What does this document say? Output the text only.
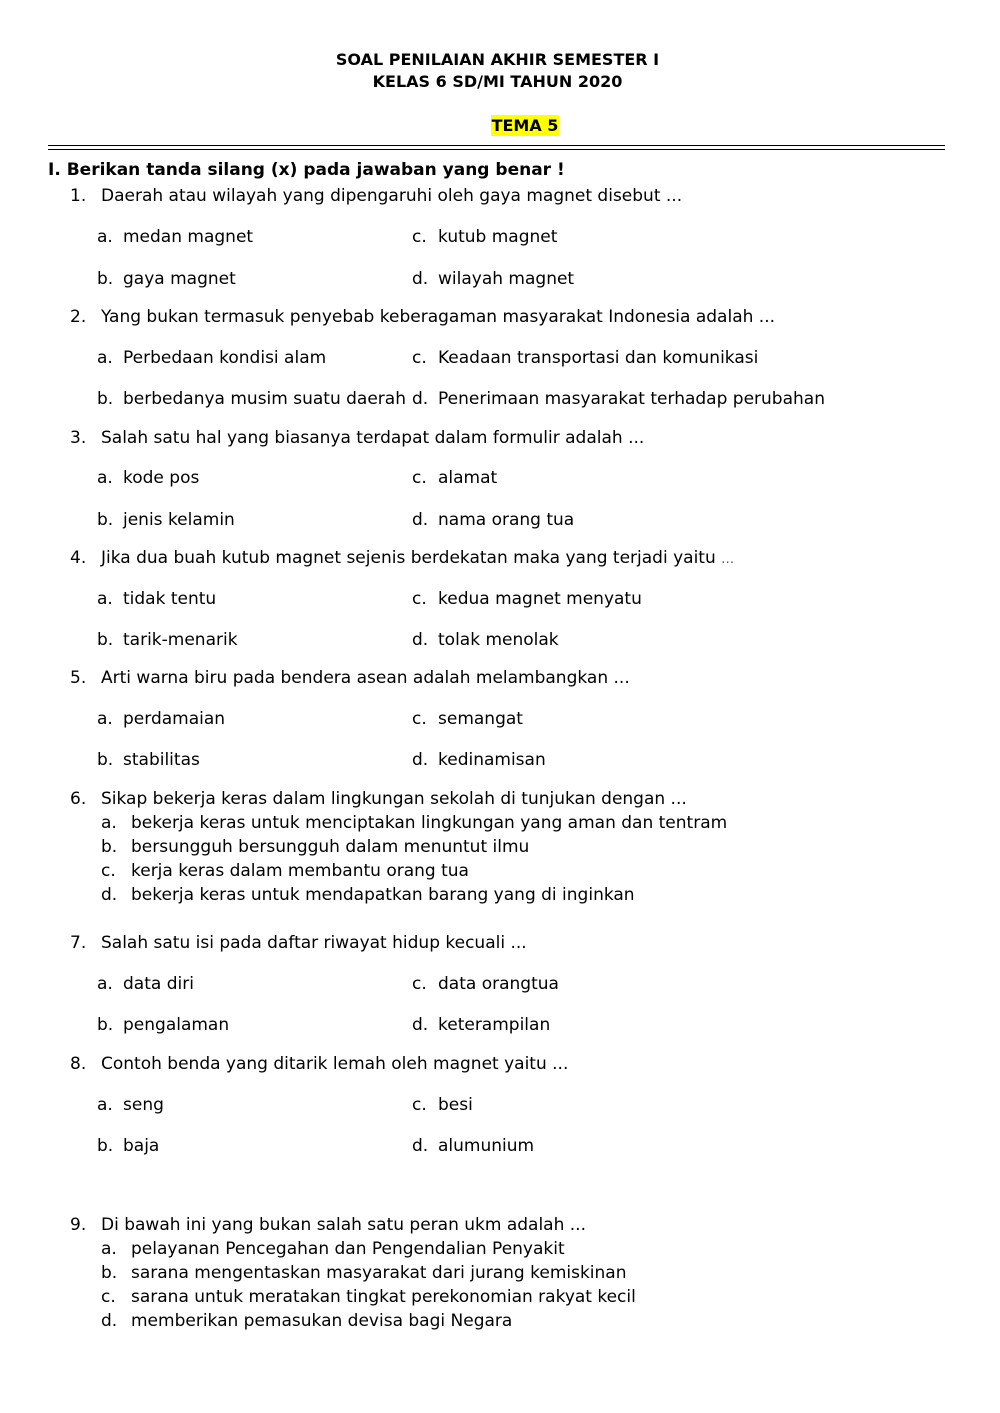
SOAL PENILAIAN AKHIR SEMESTER I
KELAS 6 SD/MI TAHUN 2020
TEMA 5
I. Berikan tanda silang (x) pada jawaban yang benar !
1. Daerah atau wilayah yang dipengaruhi oleh gaya magnet disebut ...
a. medan magnet	c. kutub magnet
b. gaya magnet	d. wilayah magnet
2. Yang bukan termasuk penyebab keberagaman masyarakat Indonesia adalah ...
a. Perbedaan kondisi alam	c. Keadaan transportasi dan komunikasi
b. berbedanya musim suatu daerah d. Penerimaan masyarakat terhadap perubahan
3. Salah satu hal yang biasanya terdapat dalam formulir adalah ...
a. kode pos	c. alamat
b. jenis kelamin	d. nama orang tua
4. Jika dua buah kutub magnet sejenis berdekatan maka yang terjadi yaitu …
a. tidak tentu	c. kedua magnet menyatu
b. tarik-menarik	d. tolak menolak
5. Arti warna biru pada bendera asean adalah melambangkan ...
a. perdamaian	c. semangat
b. stabilitas	d. kedinamisan
6. Sikap bekerja keras dalam lingkungan sekolah di tunjukan dengan ...
a. bekerja keras untuk menciptakan lingkungan yang aman dan tentram
b. bersungguh bersungguh dalam menuntut ilmu
c. kerja keras dalam membantu orang tua
d. bekerja keras untuk mendapatkan barang yang di inginkan
7. Salah satu isi pada daftar riwayat hidup kecuali ...
a. data diri	c. data orangtua
b. pengalaman	d. keterampilan
8. Contoh benda yang ditarik lemah oleh magnet yaitu ...
a. seng	c. besi
b. baja	d. alumunium
9. Di bawah ini yang bukan salah satu peran ukm adalah ...
a. pelayanan Pencegahan dan Pengendalian Penyakit
b. sarana mengentaskan masyarakat dari jurang kemiskinan
c. sarana untuk meratakan tingkat perekonomian rakyat kecil
d. memberikan pemasukan devisa bagi Negara
